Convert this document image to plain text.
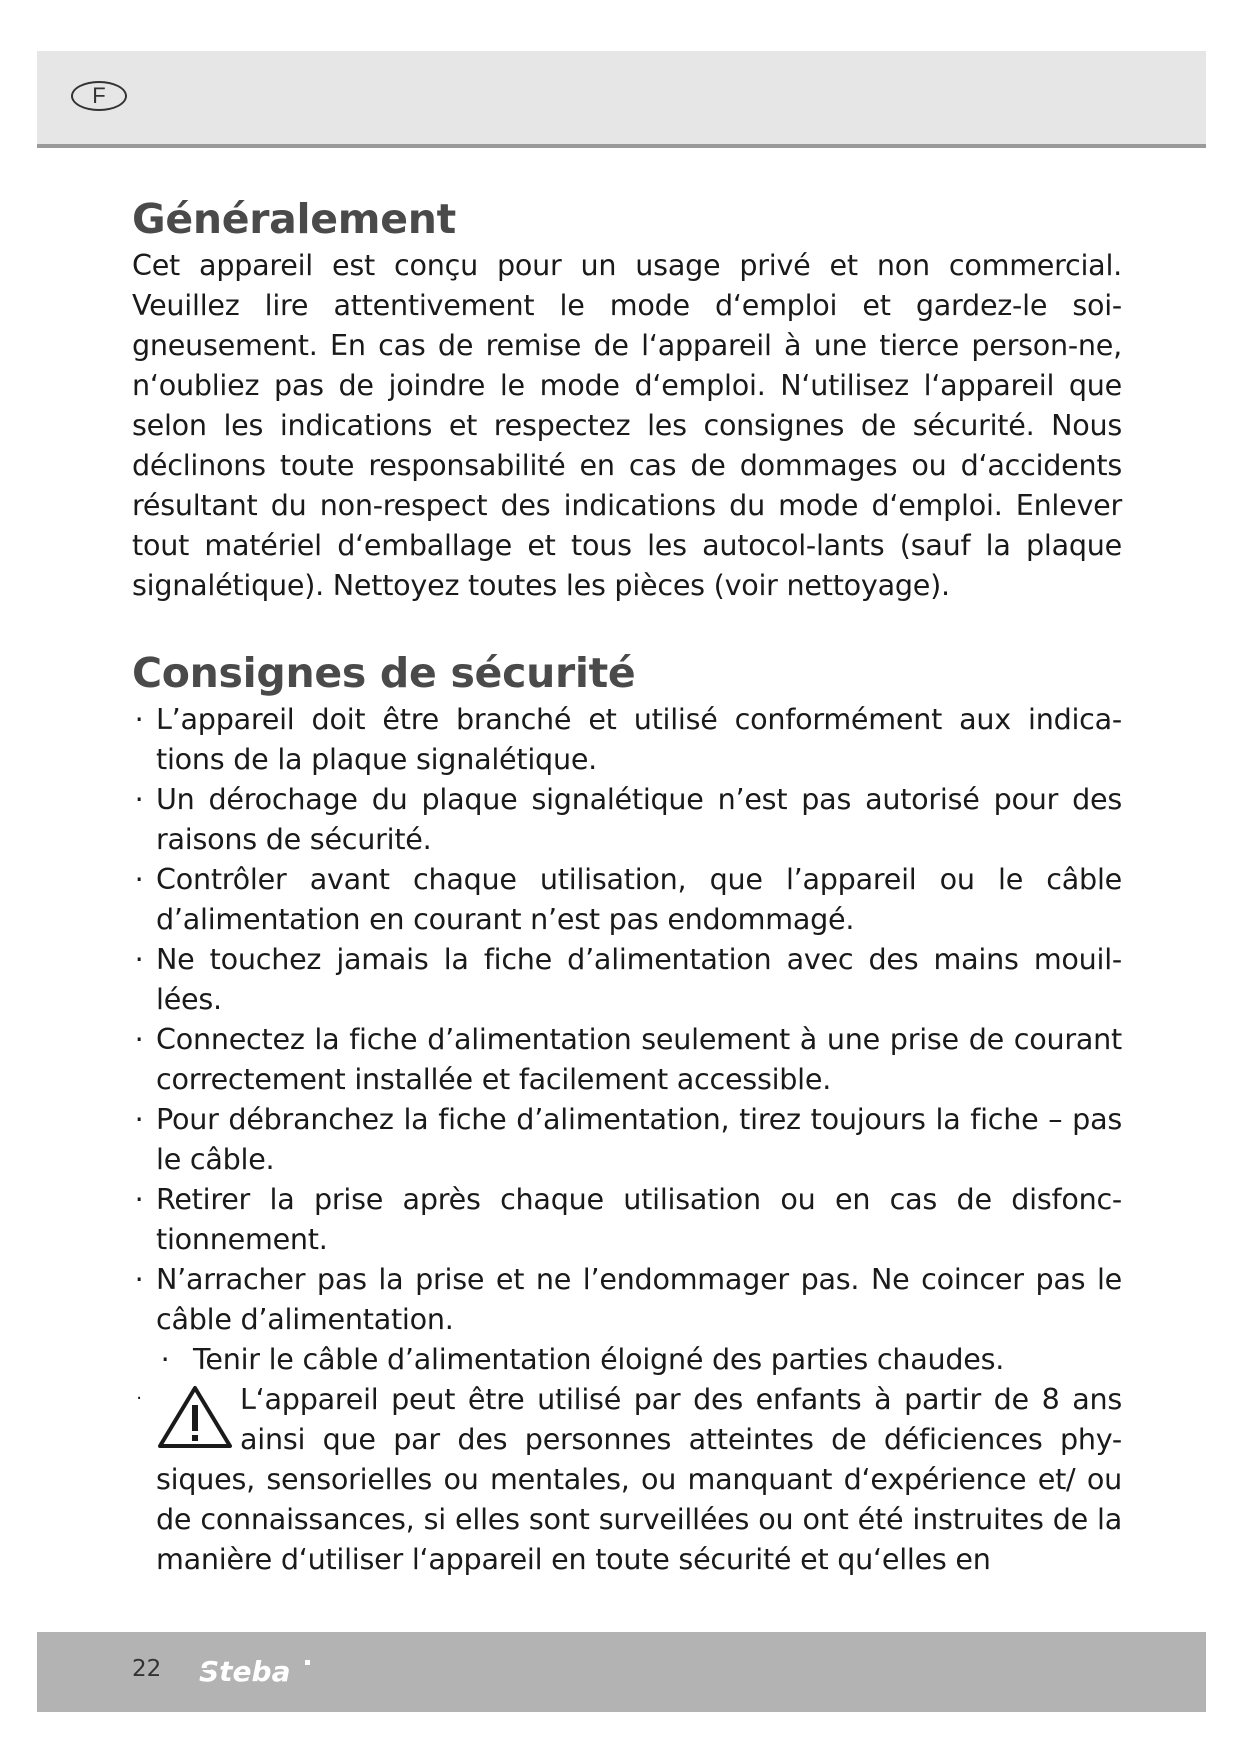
F
Généralement

Cet appareil est conçu pour un usage privé et non commercial. Veuillez lire attentivement le mode d‘emploi et gardez-le soi-gneusement. En cas de remise de l‘appareil à une tierce person-ne, n‘oubliez pas de joindre le mode d‘emploi. N‘utilisez l‘appareil que selon les indications et respectez les consignes de sécurité. Nous déclinons toute responsabilité en cas de dommages ou d‘accidents résultant du non-respect des indications du mode d‘emploi. Enlever tout matériel d‘emballage et tous les autocol-lants (sauf la plaque signalétique). Nettoyez toutes les pièces (voir nettoyage).

Consignes de sécurité
· L’appareil doit être branché et utilisé conformément aux indica-tions de la plaque signalétique.
· Un dérochage du plaque signalétique n’est pas autorisé pour des raisons de sécurité.
· Contrôler avant chaque utilisation, que l’appareil ou le câble d’alimentation en courant n’est pas endommagé.
· Ne touchez jamais la fiche d’alimentation avec des mains mouil-lées.
· Connectez la fiche d’alimentation seulement à une prise de courant correctement installée et facilement accessible.
· Pour débranchez la fiche d’alimentation, tirez toujours la fiche – pas le câble.
· Retirer la prise après chaque utilisation ou en cas de disfonc-tionnement.
· N’arracher pas la prise et ne l’endommager pas. Ne coincer pas le câble d’alimentation.
· Tenir le câble d’alimentation éloigné des parties chaudes.
·	L‘appareil peut être utilisé par des enfants à partir de 8 ans ainsi que par des personnes atteintes de déficiences phy-siques, sensorielles ou mentales, ou manquant d‘expérience et/ ou de connaissances, si elles sont surveillées ou ont été instruites de la manière d‘utiliser l‘appareil en toute sécurité et qu‘elles en
22 Steba
